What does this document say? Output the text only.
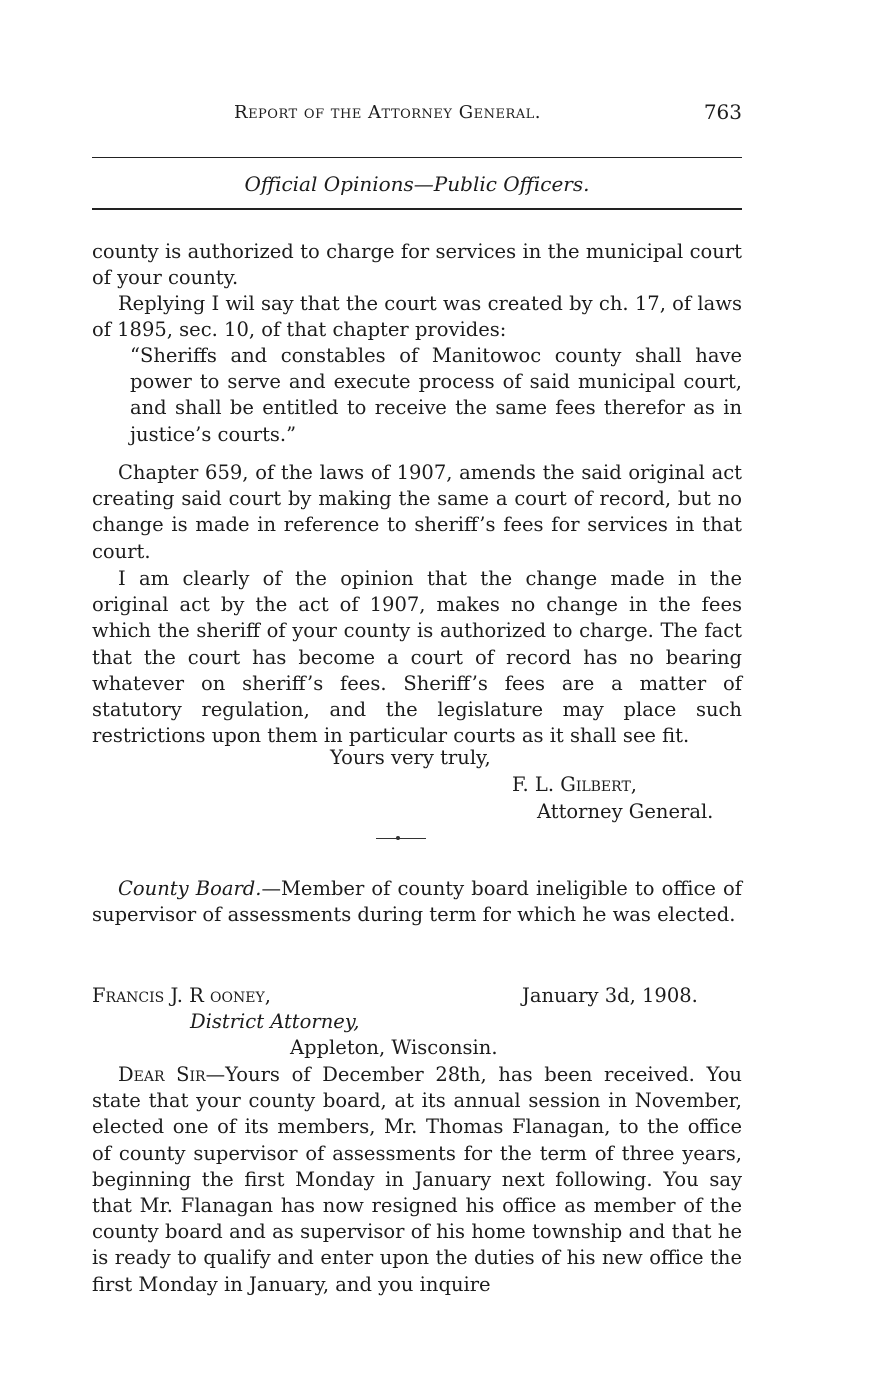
Report of the Attorney General.	763
Official Opinions—Public Officers.

county is authorized to charge for services in the municipal court of your county.

Replying I wil say that the court was created by ch. 17, of laws of 1895, sec. 10, of that chapter provides:

“Sheriffs and constables of Manitowoc county shall have power to serve and execute process of said municipal court, and shall be entitled to receive the same fees therefor as in justice’s courts.”

Chapter 659, of the laws of 1907, amends the said original act creating said court by making the same a court of record, but no change is made in reference to sheriff’s fees for services in that court.

I am clearly of the opinion that the change made in the original act by the act of 1907, makes no change in the fees which the sheriff of your county is authorized to charge. The fact that the court has become a court of record has no bearing whatever on sheriff’s fees. Sheriff’s fees are a matter of statutory regulation, and the legislature may place such restrictions upon them in particular courts as it shall see fit.

Yours very truly,
F. L. Gilbert,
Attorney General.

County Board.—Member of county board ineligible to office of supervisor of assessments during term for which he was elected.

Francis J. R ooney,	January 3d, 1908.
District Attorney,
Appleton, Wisconsin.

Dear Sir—Yours of December 28th, has been received. You state that your county board, at its annual session in November, elected one of its members, Mr. Thomas Flanagan, to the office of county supervisor of assessments for the term of three years, beginning the first Monday in January next following. You say that Mr. Flanagan has now resigned his office as member of the county board and as supervisor of his home township and that he is ready to qualify and enter upon the duties of his new office the first Monday in January, and you inquire
